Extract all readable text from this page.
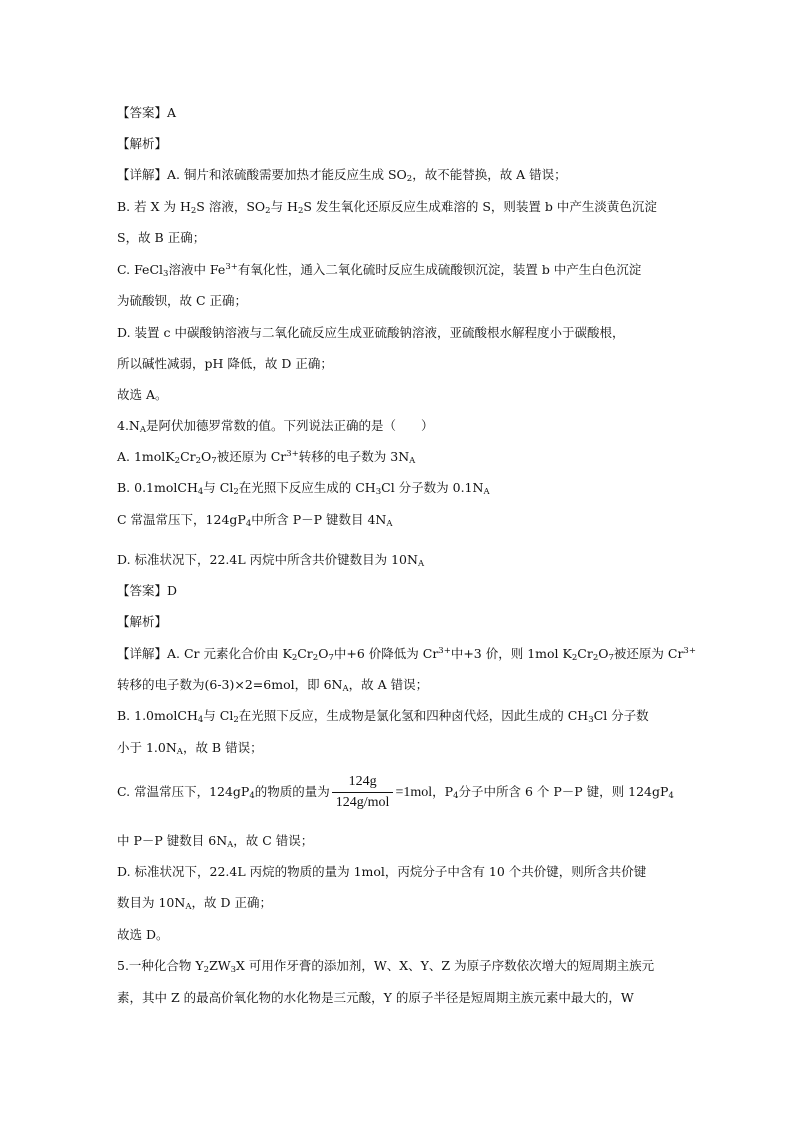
【答案】A
【解析】
【详解】A. 铜片和浓硫酸需要加热才能反应生成 $SO_2$，故不能替换，故 A 错误；
B. 若 X 为 $H_2S$ 溶液，$SO_2$与 $H_2S$ 发生氧化还原反应生成难溶的 S，则装置 b 中产生淡黄色沉淀
S，故 B 正确；
C. FeCl$_3$溶液中 $Fe^{3+}$有氧化性，通入二氧化硫时反应生成硫酸钡沉淀，装置 b 中产生白色沉淀
为硫酸钡，故 C 正确；
D. 装置 c 中碳酸钠溶液与二氧化硫反应生成亚硫酸钠溶液，亚硫酸根水解程度小于碳酸根，
所以碱性减弱，pH 降低，故 D 正确；
故选 A。
$4.N_A$是阿伏加德罗常数的值。下列说法正确的是（　　）
A. $1molK_2Cr_2O_7$被还原为 $Cr^{3+}$转移的电子数为 $3N_A$
B. 0.1molCH$_4$与 $Cl_2$在光照下反应生成的 $CH_3Cl$ 分子数为 $0.1N_A$
C 常温常压下，$124gP_4$中所含 P－P 键数目 $4N_A$
D. 标准状况下，22.4L 丙烷中所含共价键数目为 $10N_A$
【答案】D
【解析】
【详解】A. Cr 元素化合价由 $K_2Cr_2O_7$中+6 价降低为 $Cr^{3+}$中+3 价，则 1mol $K_2Cr_2O_7$被还原为 $Cr^{3+}$
转移的电子数为(6-3)×2=6mol，即 $6N_A$，故 A 错误；
B. 1.0molCH$_4$与 $Cl_2$在光照下反应，生成物是氯化氢和四种卤代烃，因此生成的 $CH_3Cl$ 分子数
小于 $1.0N_A$，故 B 错误；
C. 常温常压下，$124gP_4$的物质的量为 $\frac{124g}{\text{124g/mol}} =1mol$，$P_4$分子中所含 6 个 P－P 键，则 $124gP_4$
中 P－P 键数目 $6N_A$，故 C 错误；
D. 标准状况下，22.4L 丙烷的物质的量为 1mol，丙烷分子中含有 10 个共价键，则所含共价键
数目为 $10N_A$，故 D 正确；
故选 D。
5.一种化合物 $Y_2ZW_3X$ 可用作牙膏的添加剂，W、X、Y、Z 为原子序数依次增大的短周期主族元
素，其中 Z 的最高价氧化物的水化物是三元酸，Y 的原子半径是短周期主族元素中最大的，W
